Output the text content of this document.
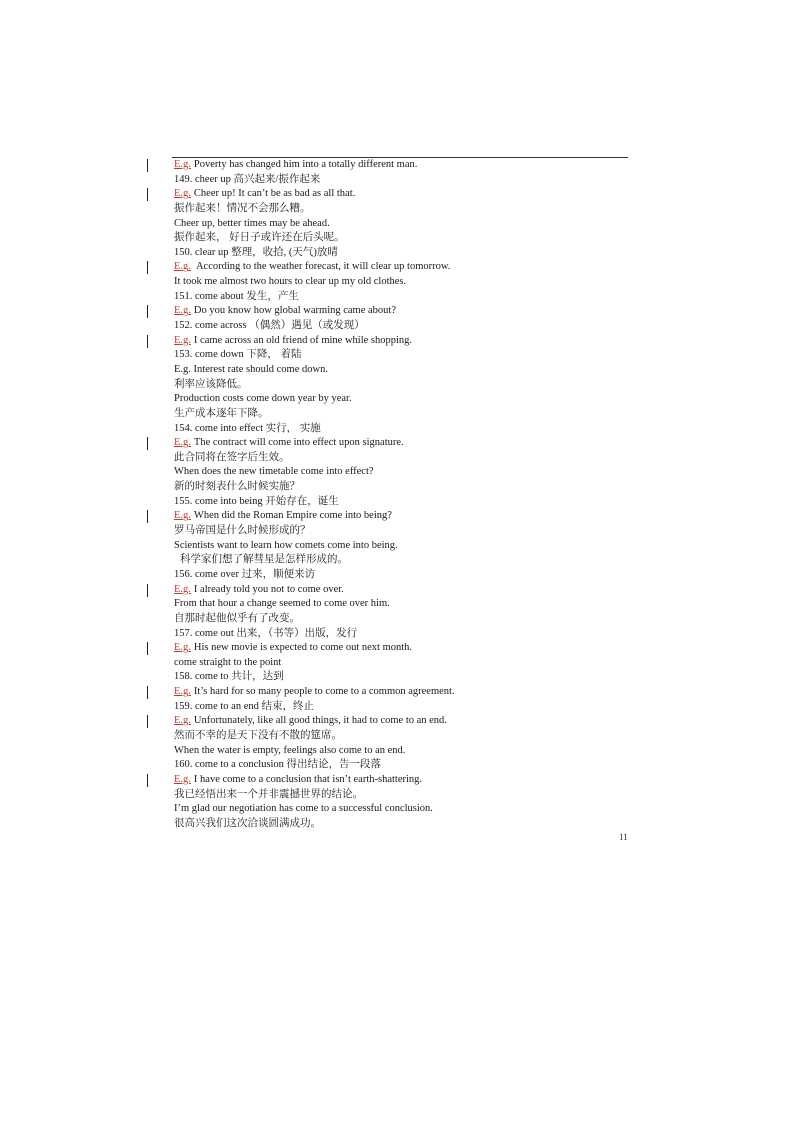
E.g. Poverty has changed him into a totally different man.
149. cheer up 高兴起来/振作起来
E.g. Cheer up! It can’t be as bad as all that.
振作起来！情况不会那么糟。
Cheer up, better times may be ahead.
振作起来， 好日子或许还在后头呢。
150. clear up 整理，收拾, (天气)放晴
E.g. According to the weather forecast, it will clear up tomorrow.
It took me almost two hours to clear up my old clothes.
151. come about 发生，产生
E.g. Do you know how global warming came about?
152. come across （偶然）遇见（或发现）
E.g. I came across an old friend of mine while shopping.
153. come down 下降， 着陆
E.g. Interest rate should come down.
利率应该降低。
Production costs come down year by year.
生产成本逐年下降。
154. come into effect 实行， 实施
E.g. The contract will come into effect upon signature.
此合同将在签字后生效。
When does the new timetable come into effect?
新的时刻表什么时候实施？
155. come into being 开始存在，诞生
E.g. When did the Roman Empire come into being?
罗马帝国是什么时候形成的？
Scientists want to learn how comets come into being.
科学家们想了解彗星是怎样形成的。
156. come over 过来，顺便来访
E.g. I already told you not to come over.
From that hour a change seemed to come over him.
自那时起他似乎有了改变。
157. come out 出来，（书等）出版，发行
E.g. His new movie is expected to come out next month.
come straight to the point
158. come to 共计，达到
E.g. It’s hard for so many people to come to a common agreement.
159. come to an end 结束，终止
E.g. Unfortunately, like all good things, it had to come to an end.
然而不幸的是天下没有不散的筵席。
When the water is empty, feelings also come to an end.
160. come to a conclusion 得出结论，告一段落
E.g. I have come to a conclusion that isn’t earth-shattering.
我已经悟出来一个并非震撼世界的结论。
I’m glad our negotiation has come to a successful conclusion.
很高兴我们这次洽谈圆满成功。
11
